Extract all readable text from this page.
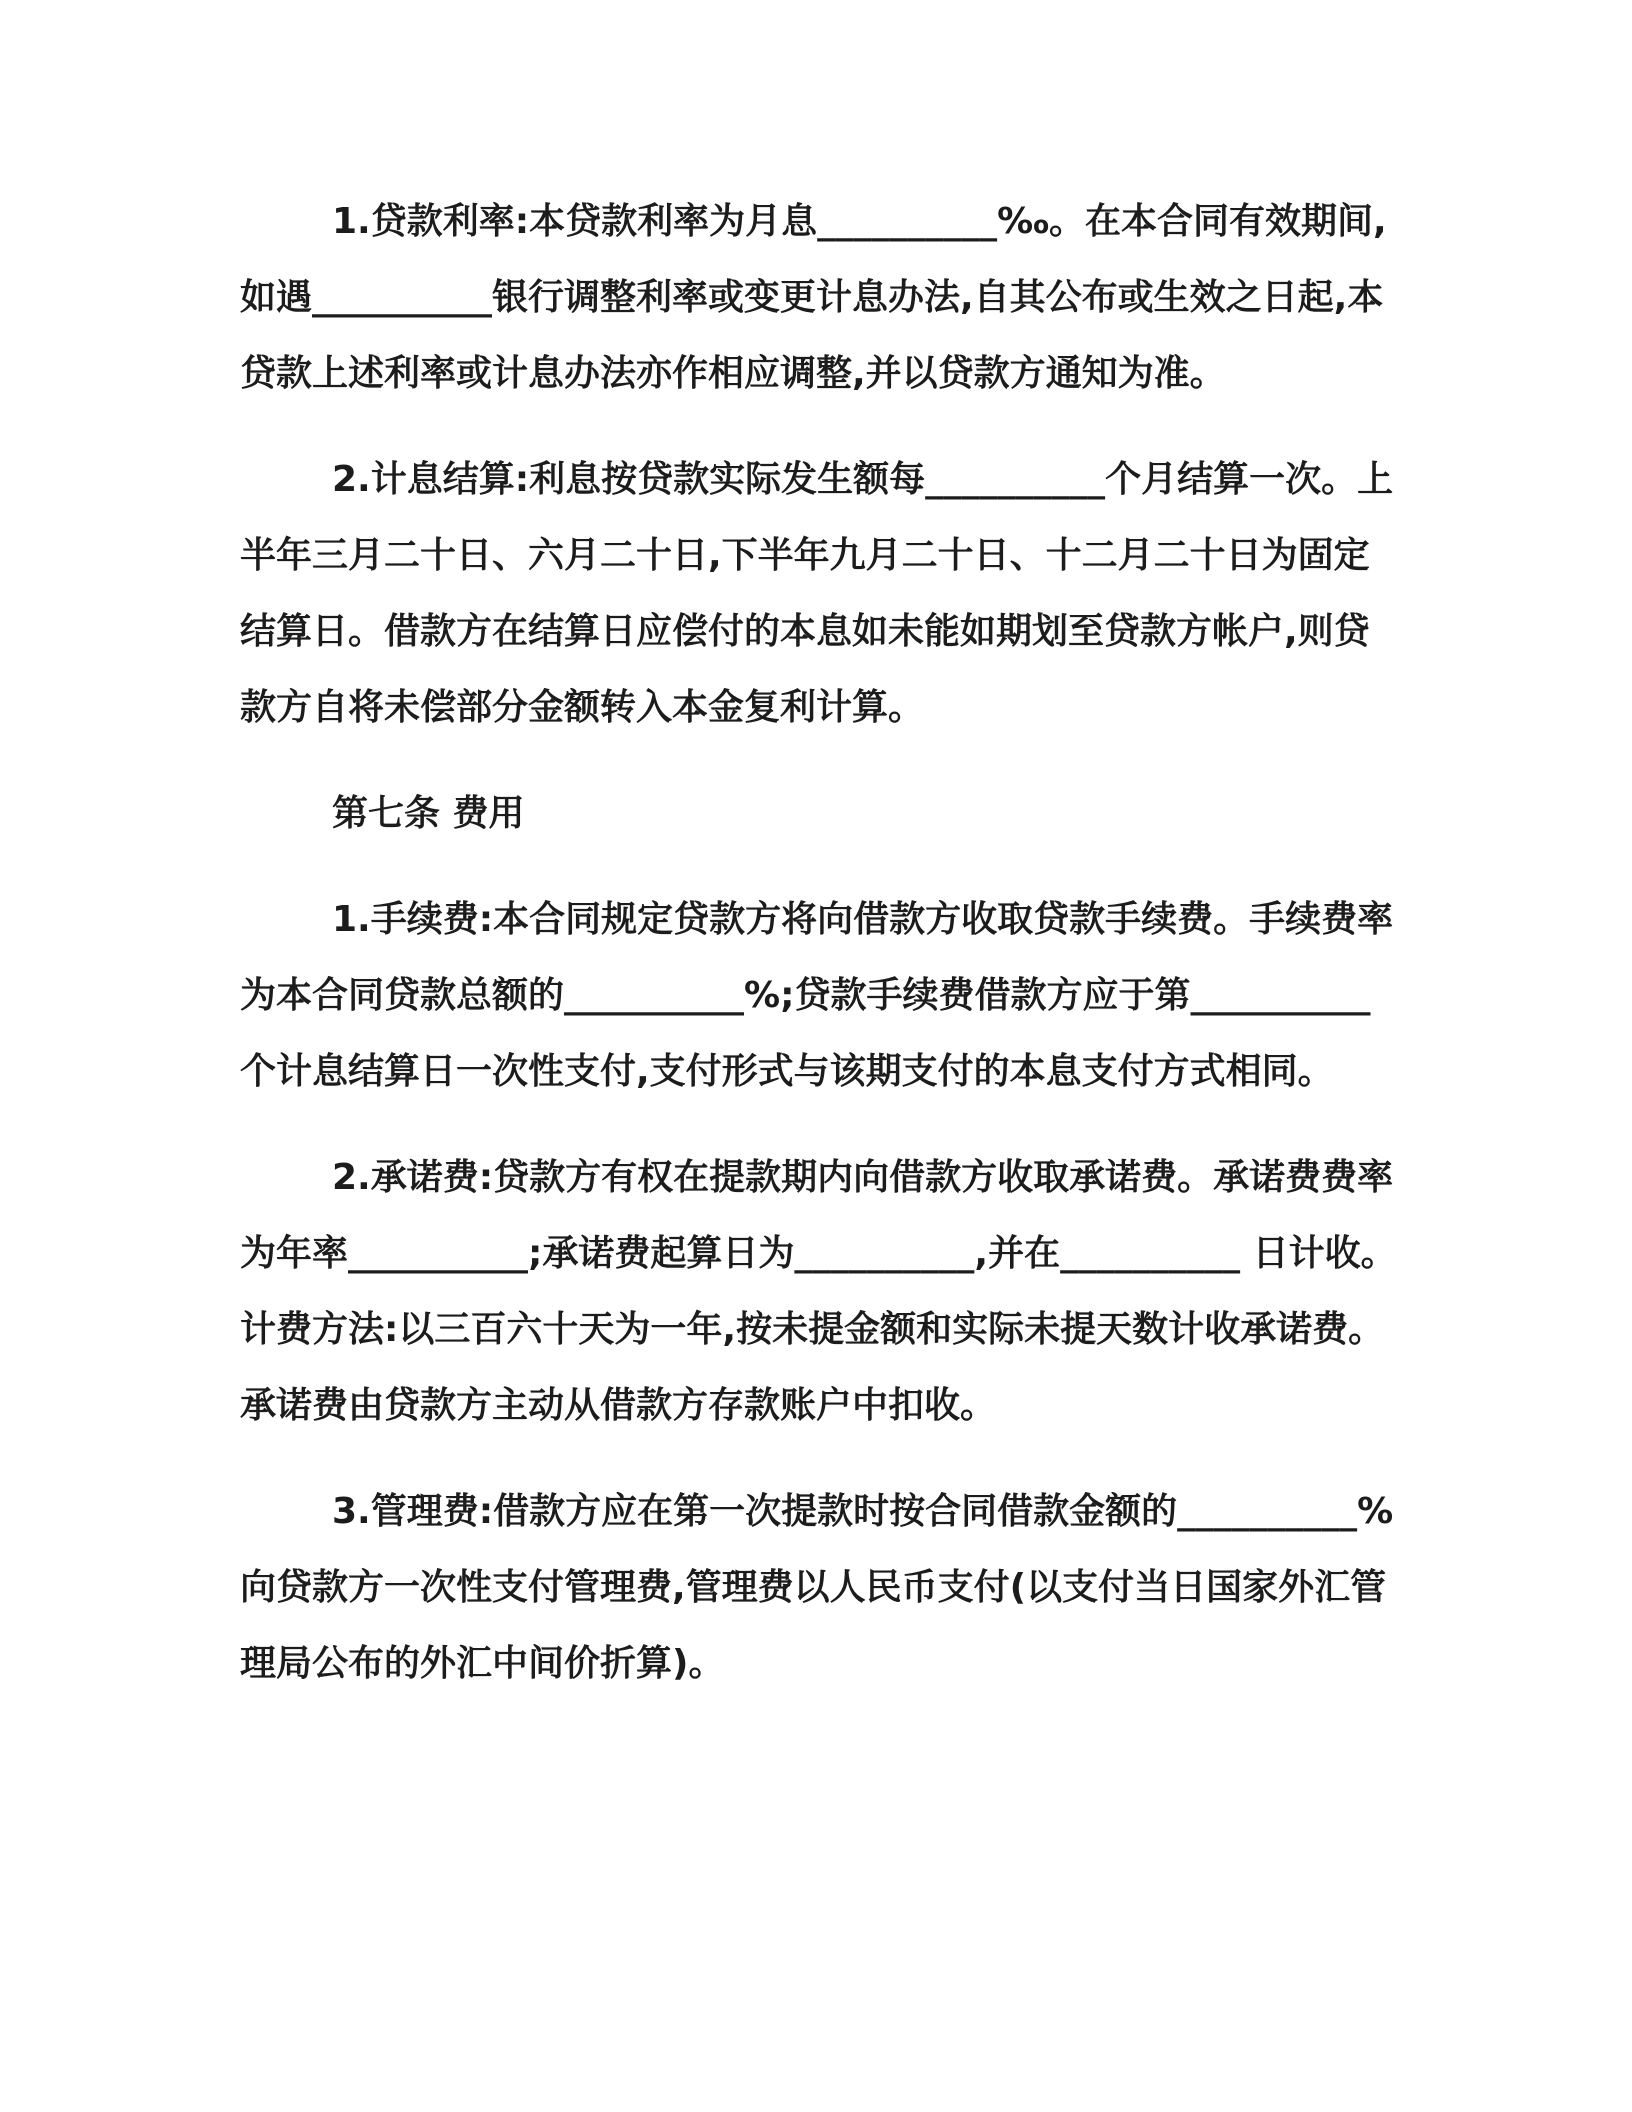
1.贷款利率:本贷款利率为月息__________‰。在本合同有效期间,如遇__________银行调整利率或变更计息办法,自其公布或生效之日起,本贷款上述利率或计息办法亦作相应调整,并以贷款方通知为准。

2.计息结算:利息按贷款实际发生额每__________个月结算一次。上半年三月二十日、六月二十日,下半年九月二十日、十二月二十日为固定结算日。借款方在结算日应偿付的本息如未能如期划至贷款方帐户,则贷款方自将未偿部分金额转入本金复利计算。

第七条 费用

1.手续费:本合同规定贷款方将向借款方收取贷款手续费。手续费率为本合同贷款总额的__________%;贷款手续费借款方应于第__________个计息结算日一次性支付,支付形式与该期支付的本息支付方式相同。

2.承诺费:贷款方有权在提款期内向借款方收取承诺费。承诺费费率为年率__________;承诺费起算日为__________,并在__________ 日计收。计费方法:以三百六十天为一年,按未提金额和实际未提天数计收承诺费。承诺费由贷款方主动从借款方存款账户中扣收。

3.管理费:借款方应在第一次提款时按合同借款金额的__________%向贷款方一次性支付管理费,管理费以人民币支付(以支付当日国家外汇管理局公布的外汇中间价折算)。
